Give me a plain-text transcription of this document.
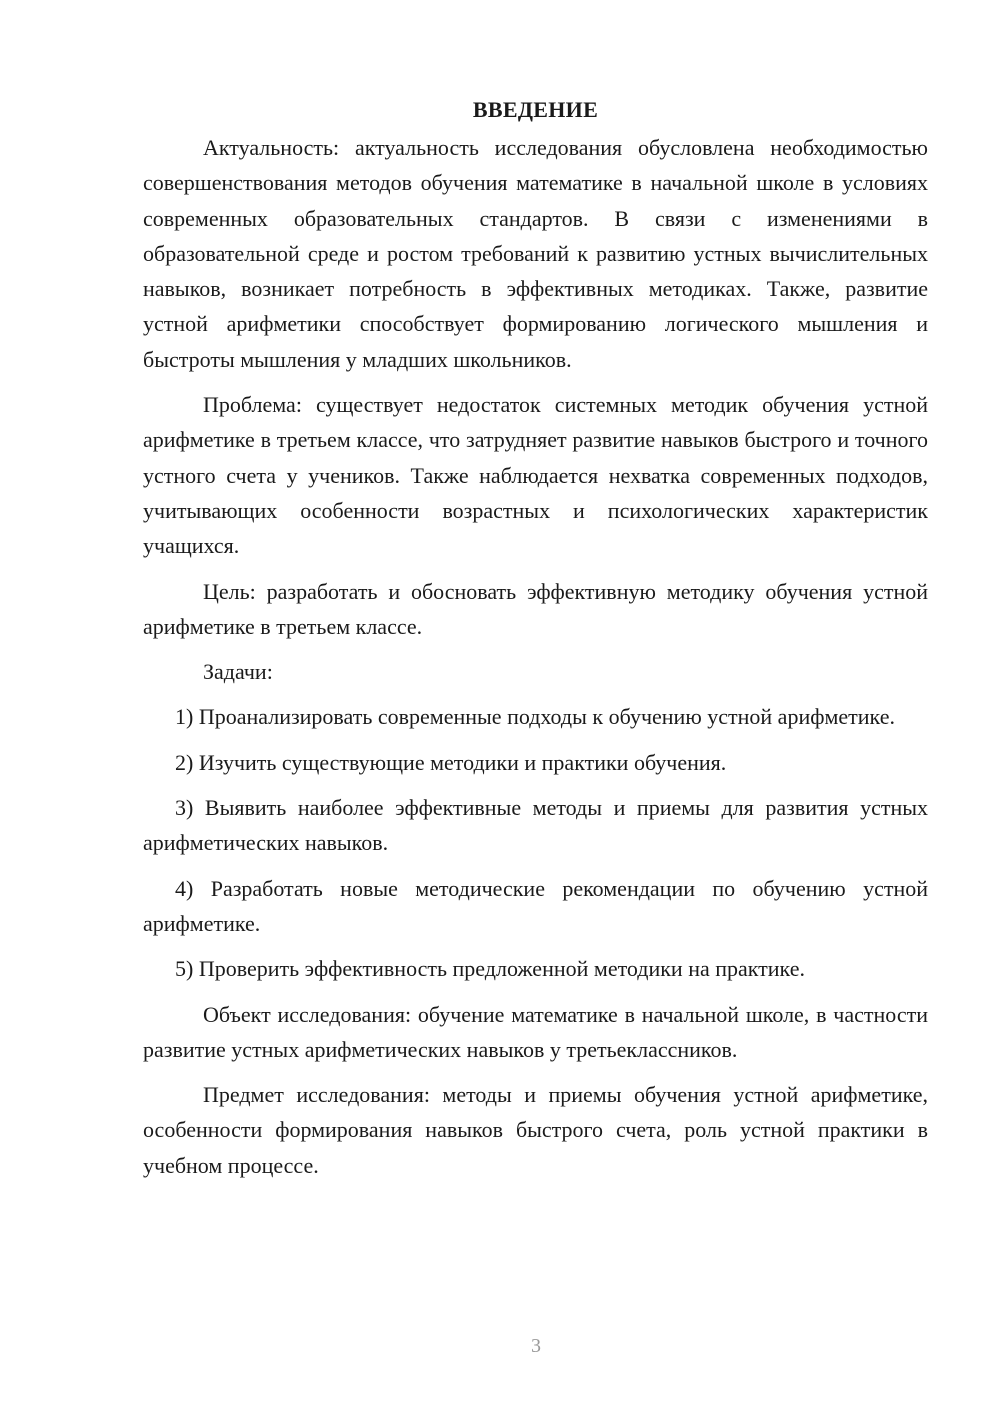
ВВЕДЕНИЕ

Актуальность: актуальность исследования обусловлена необходимостью совершенствования методов обучения математике в начальной школе в условиях современных образовательных стандартов. В связи с изменениями в образовательной среде и ростом требований к развитию устных вычислительных навыков, возникает потребность в эффективных методиках. Также, развитие устной арифметики способствует формированию логического мышления и быстроты мышления у младших школьников.

Проблема: существует недостаток системных методик обучения устной арифметике в третьем классе, что затрудняет развитие навыков быстрого и точного устного счета у учеников. Также наблюдается нехватка современных подходов, учитывающих особенности возрастных и психологических характеристик учащихся.

Цель: разработать и обосновать эффективную методику обучения устной арифметике в третьем классе.

Задачи:

1) Проанализировать современные подходы к обучению устной арифметике.

2) Изучить существующие методики и практики обучения.

3) Выявить наиболее эффективные методы и приемы для развития устных арифметических навыков.

4) Разработать новые методические рекомендации по обучению устной арифметике.

5) Проверить эффективность предложенной методики на практике.

Объект исследования: обучение математике в начальной школе, в частности развитие устных арифметических навыков у третьеклассников.

Предмет исследования: методы и приемы обучения устной арифметике, особенности формирования навыков быстрого счета, роль устной практики в учебном процессе.

3
